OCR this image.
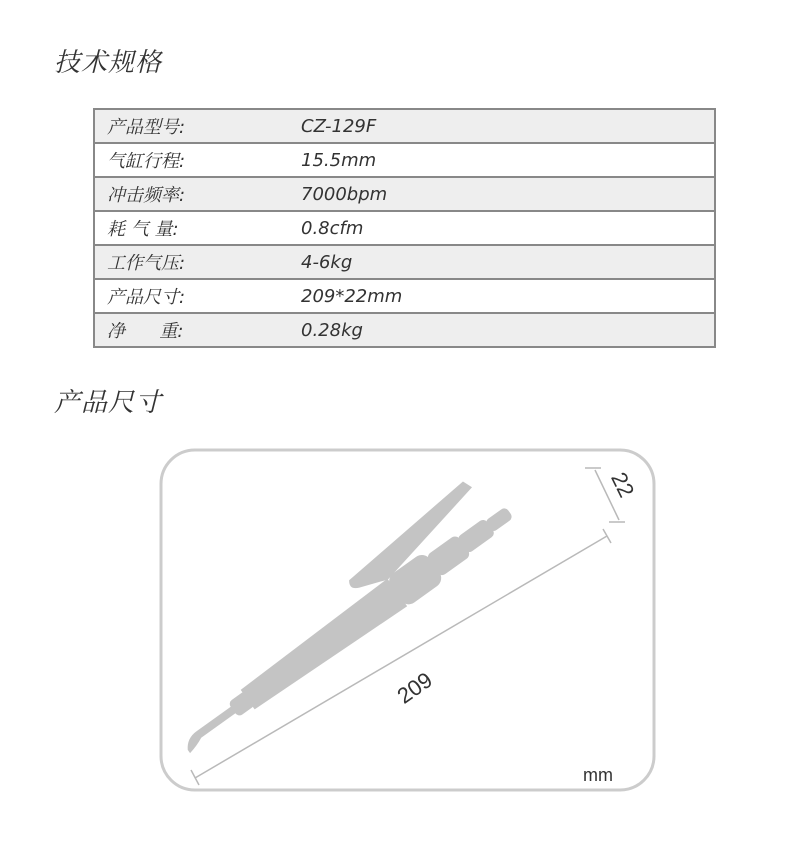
技术规格
产品型号:	CZ-129F
气缸行程:	15.5mm
冲击频率:	7000bpm
耗 气 量:	0.8cfm
工作气压:	4-6kg
产品尺寸:	209*22mm
净      重:	0.28kg
产品尺寸
209
22
mm
